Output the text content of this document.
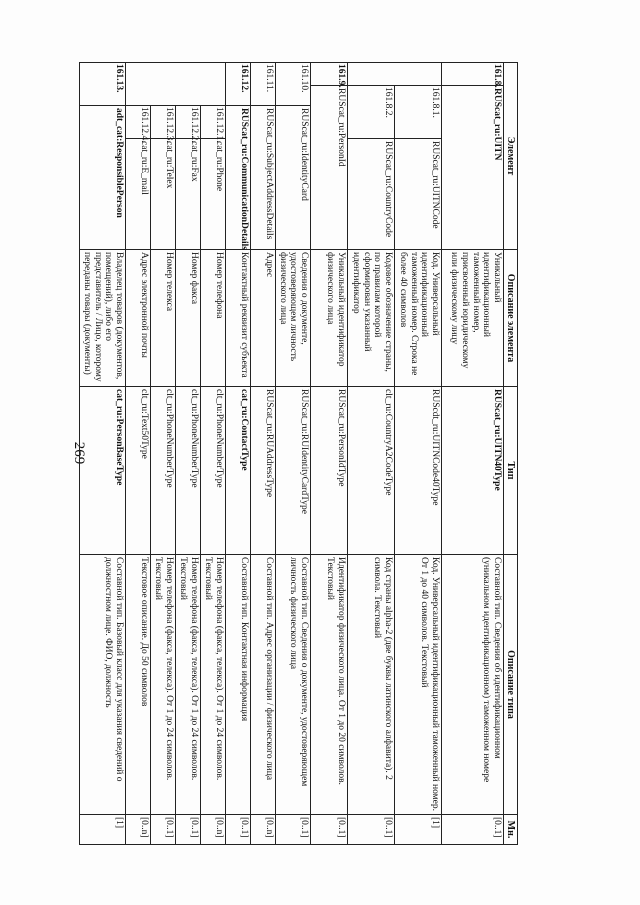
269
Элемент				Описание элемента	Тип	Описание типа	Мн.
161.8.	RUScat_ru:UITN			Уникальный идентификационный таможенный номер, присвоенный юридическому или физическому лицу	RUScat_ru:UITN40Type	Составной тип. Сведения об идентификационном (уникальном идентификационном) таможенном номере	[0..1]
	161.8.1.		RUScat_ru:UITNCode	Код. Универсальный идентификационный таможенный номер. Строка не более 40 символов	RUScdt_ru:UITNCode40Type	Код. Универсальный идентификационный таможенный номер. От 1 до 40 символов. Текстовый	[1]
	161.8.2.		RUScat_ru:CountryCode	Кодовое обозначение страны, по правилам которой сформирован указанный идентификатор	clt_ru:CountryA2CodeType	Код страны alpha-2 (две буквы латинского алфавита). 2 символа. Текстовый	[0..1]
161.9.	RUScat_ru:PersonId			Уникальный идентификатор физического лица	RUScat_ru:PersonIdType	Идентификатор физического лица. От 1 до 20 символов. Текстовый	[0..1]
161.10.		RUScat_ru:IdentityCard		Сведения о документе, удостоверяющем личность физического лица	RUScat_ru:RUIdentityCardType	Составной тип. Сведения о документе, удостоверяющем личность физического лица	[0..1]
161.11.		RUScat_ru:SubjectAddressDetails		Адрес	RUScat_ru:RUAddressType	Составной тип. Адрес организации / физического лица	[0..n]
161.12.		RUScat_ru:CommunicationDetails		Контактный реквизит субъекта	cat_ru:ContactType	Составной тип. Контактная информация	[0..1]
		161.12.1.	cat_ru:Phone	Номер телефона	clt_ru:PhoneNumberType	Номер телефона (факса, телекса). От 1 до 24 символов. Текстовый	[0..n]
		161.12.2.	cat_ru:Fax	Номер факса	clt_ru:PhoneNumberType	Номер телефона (факса, телекса). От 1 до 24 символов. Текстовый	[0..1]
		161.12.3.	cat_ru:Telex	Номер телекса	clt_ru:PhoneNumberType	Номер телефона (факса, телекса). От 1 до 24 символов. Текстовый	[0..1]
		161.12.4.	cat_ru:E_mail	Адрес электронной почты	clt_ru:Text50Type	Текстовое описание. До 50 символов	[0..n]
161.13.		adt_cat:ResponsiblePerson		Владелец товаров (документов, помещений), либо его представитель / Лицо, которому переданы товары (документы)	cat_ru:PersonBaseType	Составной тип. Базовый класс для указания сведений о должностном лице. ФИО, должность	[1]
